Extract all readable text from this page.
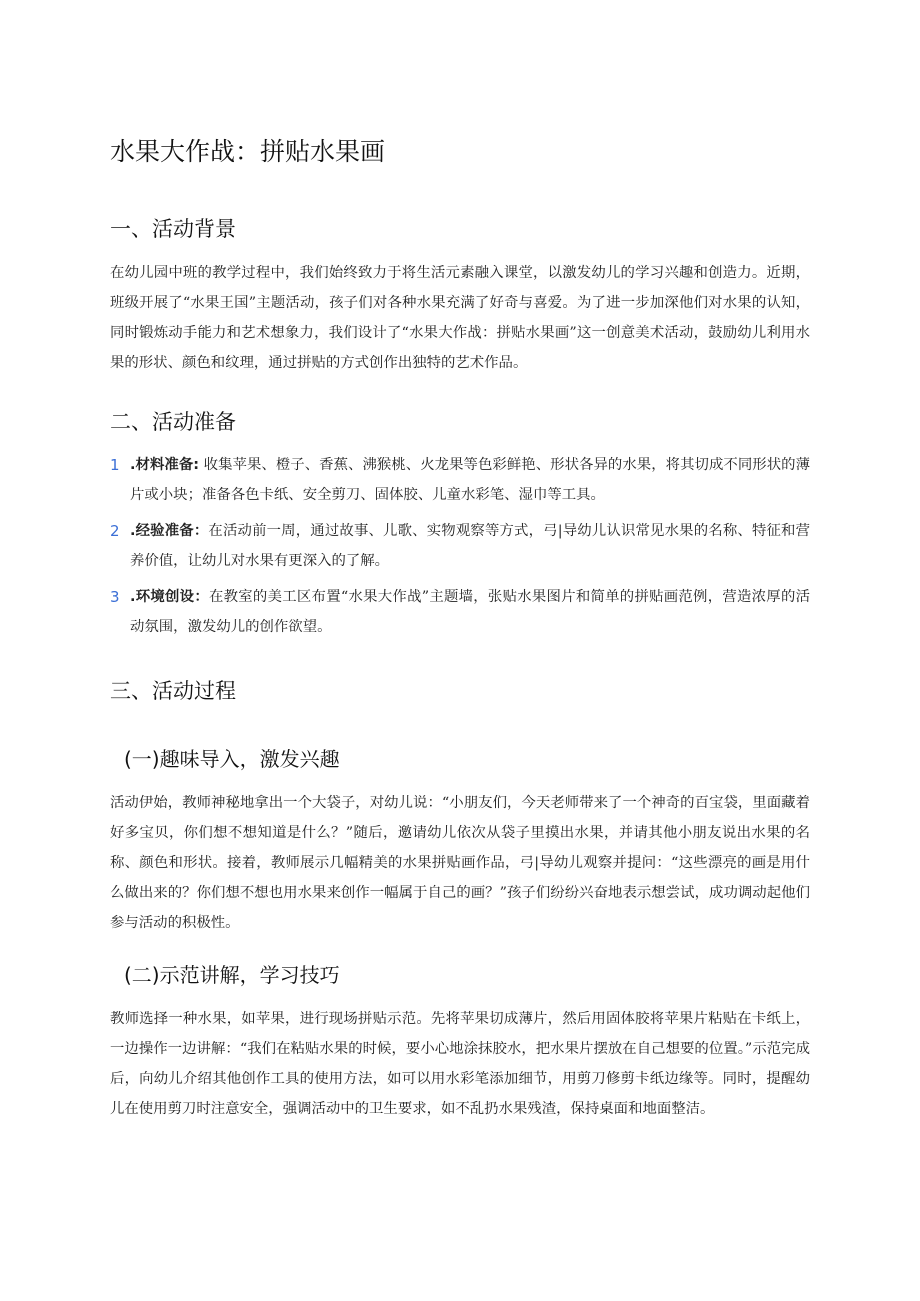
水果大作战：拼贴水果画
一、活动背景

在幼儿园中班的教学过程中，我们始终致力于将生活元素融入课堂，以激发幼儿的学习兴趣和创造力。近期，班级开展了“水果王国”主题活动，孩子们对各种水果充满了好奇与喜爱。为了进一步加深他们对水果的认知，同时锻炼动手能力和艺术想象力，我们设计了“水果大作战：拼贴水果画”这一创意美术活动，鼓励幼儿利用水果的形状、颜色和纹理，通过拼贴的方式创作出独特的艺术作品。

二、活动准备
1 .材料准备: 收集苹果、橙子、香蕉、沸猴桃、火龙果等色彩鲜艳、形状各异的水果，将其切成不同形状的薄片或小块；准备各色卡纸、安全剪刀、固体胶、儿童水彩笔、湿巾等工具。
2 .经验准备：在活动前一周，通过故事、儿歌、实物观察等方式，弓|导幼儿认识常见水果的名称、特征和营养价值，让幼儿对水果有更深入的了解。
3 .环境创设：在教室的美工区布置“水果大作战”主题墙，张贴水果图片和简单的拼贴画范例，营造浓厚的活动氛围，激发幼儿的创作欲望。
三、活动过程
(一)趣味导入，激发兴趣

活动伊始，教师神秘地拿出一个大袋子，对幼儿说：“小朋友们，今天老师带来了一个神奇的百宝袋，里面藏着好多宝贝，你们想不想知道是什么？”随后，邀请幼儿依次从袋子里摸出水果，并请其他小朋友说出水果的名称、颜色和形状。接着，教师展示几幅精美的水果拼贴画作品，弓|导幼儿观察并提问：“这些漂亮的画是用什么做出来的？你们想不想也用水果来创作一幅属于自己的画？”孩子们纷纷兴奋地表示想尝试，成功调动起他们参与活动的积极性。

(二)示范讲解，学习技巧

教师选择一种水果，如苹果，进行现场拼贴示范。先将苹果切成薄片，然后用固体胶将苹果片粘贴在卡纸上，一边操作一边讲解：“我们在粘贴水果的时候，要小心地涂抹胶水，把水果片摆放在自己想要的位置。”示范完成后，向幼儿介绍其他创作工具的使用方法，如可以用水彩笔添加细节，用剪刀修剪卡纸边缘等。同时，提醒幼儿在使用剪刀时注意安全，强调活动中的卫生要求，如不乱扔水果残渣，保持桌面和地面整洁。
